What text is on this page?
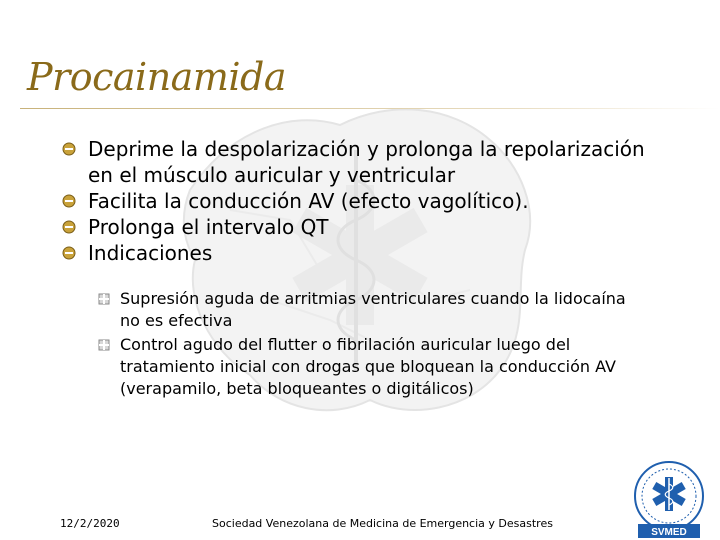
Procainamida
Deprime la despolarización y prolonga la repolarización en el músculo auricular y ventricular
Facilita la conducción AV (efecto vagolítico).
Prolonga el intervalo QT
Indicaciones
Supresión aguda de arritmias ventriculares cuando la lidocaína no es efectiva
Control agudo del flutter o fibrilación auricular luego del tratamiento inicial con drogas que bloquean la conducción AV (verapamilo, beta bloqueantes o digitálicos)
12/2/2020	Sociedad Venezolana de Medicina de Emergencia y Desastres
SVMED
